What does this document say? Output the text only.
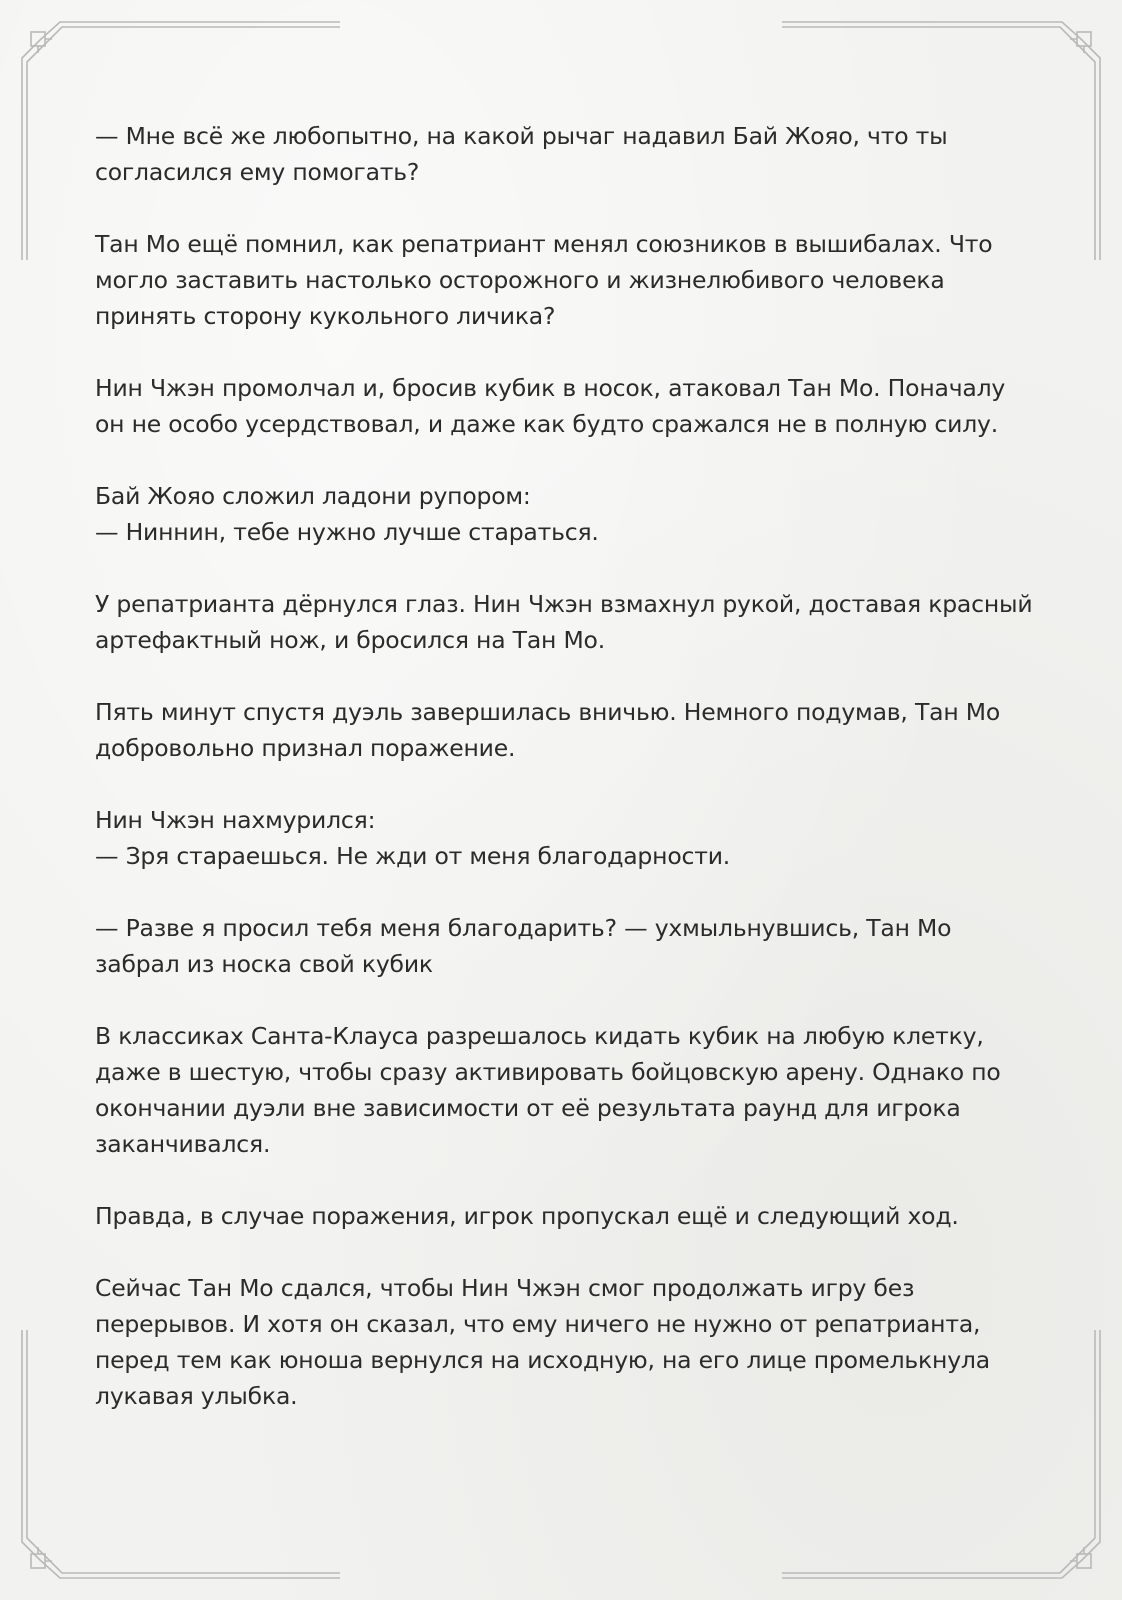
— Мне всё же любопытно, на какой рычаг надавил Бай Жояо, что ты
согласился ему помогать?

Тан Мо ещё помнил, как репатриант менял союзников в вышибалах. Что
могло заставить настолько осторожного и жизнелюбивого человека
принять сторону кукольного личика?

Нин Чжэн промолчал и, бросив кубик в носок, атаковал Тан Мо. Поначалу
он не особо усердствовал, и даже как будто сражался не в полную силу.

Бай Жояо сложил ладони рупором:
— Ниннин, тебе нужно лучше стараться.

У репатрианта дёрнулся глаз. Нин Чжэн взмахнул рукой, доставая красный
артефактный нож, и бросился на Тан Мо.

Пять минут спустя дуэль завершилась вничью. Немного подумав, Тан Мо
добровольно признал поражение.

Нин Чжэн нахмурился:
— Зря стараешься. Не жди от меня благодарности.

— Разве я просил тебя меня благодарить? — ухмыльнувшись, Тан Мо
забрал из носка свой кубик

В классиках Санта-Клауса разрешалось кидать кубик на любую клетку,
даже в шестую, чтобы сразу активировать бойцовскую арену. Однако по
окончании дуэли вне зависимости от её результата раунд для игрока
заканчивался.

Правда, в случае поражения, игрок пропускал ещё и следующий ход.

Сейчас Тан Мо сдался, чтобы Нин Чжэн смог продолжать игру без
перерывов. И хотя он сказал, что ему ничего не нужно от репатрианта,
перед тем как юноша вернулся на исходную, на его лице промелькнула
лукавая улыбка.
